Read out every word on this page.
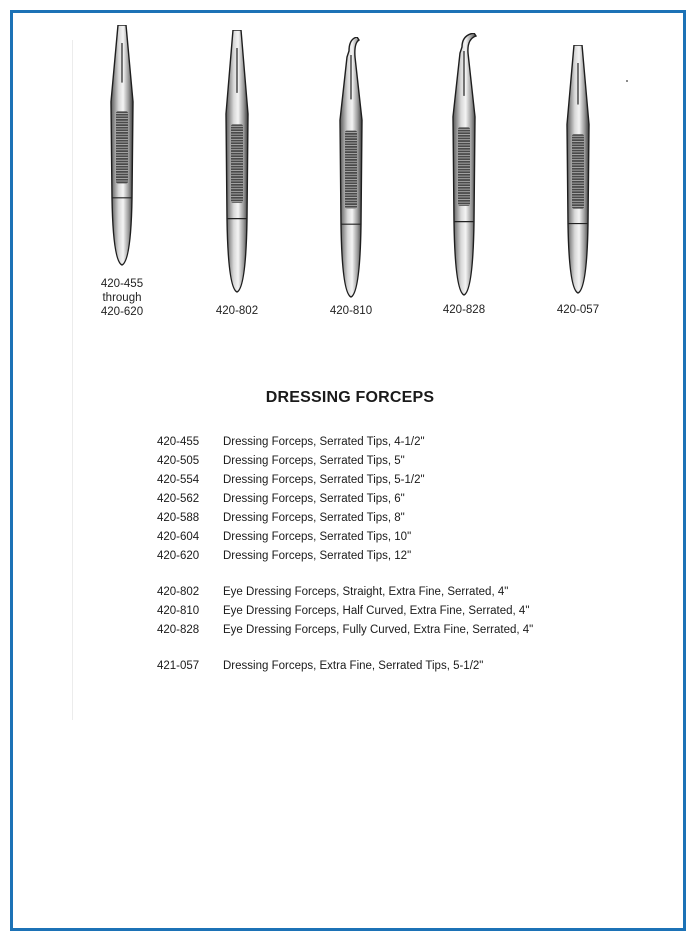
420-455
through
420-620	420-802	420-810	420-828	420-057
DRESSING FORCEPS
420-455	Dressing Forceps, Serrated Tips, 4-1/2"
420-505	Dressing Forceps, Serrated Tips, 5"
420-554	Dressing Forceps, Serrated Tips, 5-1/2"
420-562	Dressing Forceps, Serrated Tips, 6"
420-588	Dressing Forceps, Serrated Tips, 8"
420-604	Dressing Forceps, Serrated Tips, 10"
420-620	Dressing Forceps, Serrated Tips, 12"
420-802	Eye Dressing Forceps, Straight, Extra Fine, Serrated, 4"
420-810	Eye Dressing Forceps, Half Curved, Extra Fine, Serrated, 4"
420-828	Eye Dressing Forceps, Fully Curved, Extra Fine, Serrated, 4"
421-057	Dressing Forceps, Extra Fine, Serrated Tips, 5-1/2"
